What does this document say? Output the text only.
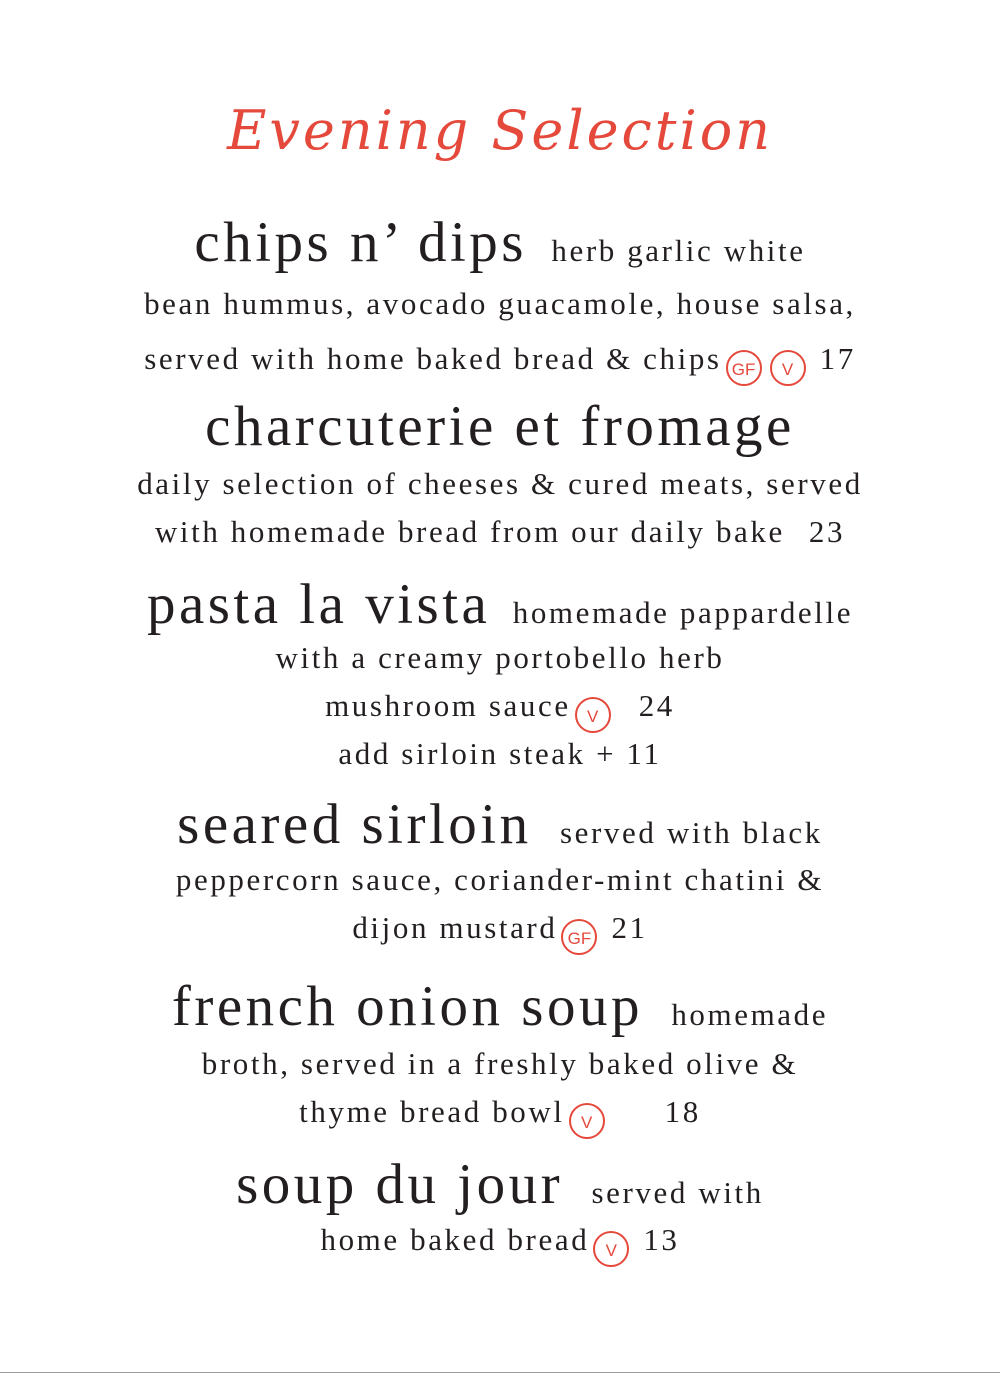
Evening Selection
chips n’ dips herb garlic white
bean hummus, avocado guacamole, house salsa,
served with home baked bread & chips GF V 17
charcuterie et fromage
daily selection of cheeses & cured meats, served
with homemade bread from our daily bake 23
pasta la vista homemade pappardelle
with a creamy portobello herb
mushroom sauce V 24
add sirloin steak + 11
seared sirloin served with black
peppercorn sauce, coriander-mint chatini &
dijon mustard GF 21
french onion soup homemade
broth, served in a freshly baked olive &
thyme bread bowl V 18
soup du jour served with
home baked bread V 13
